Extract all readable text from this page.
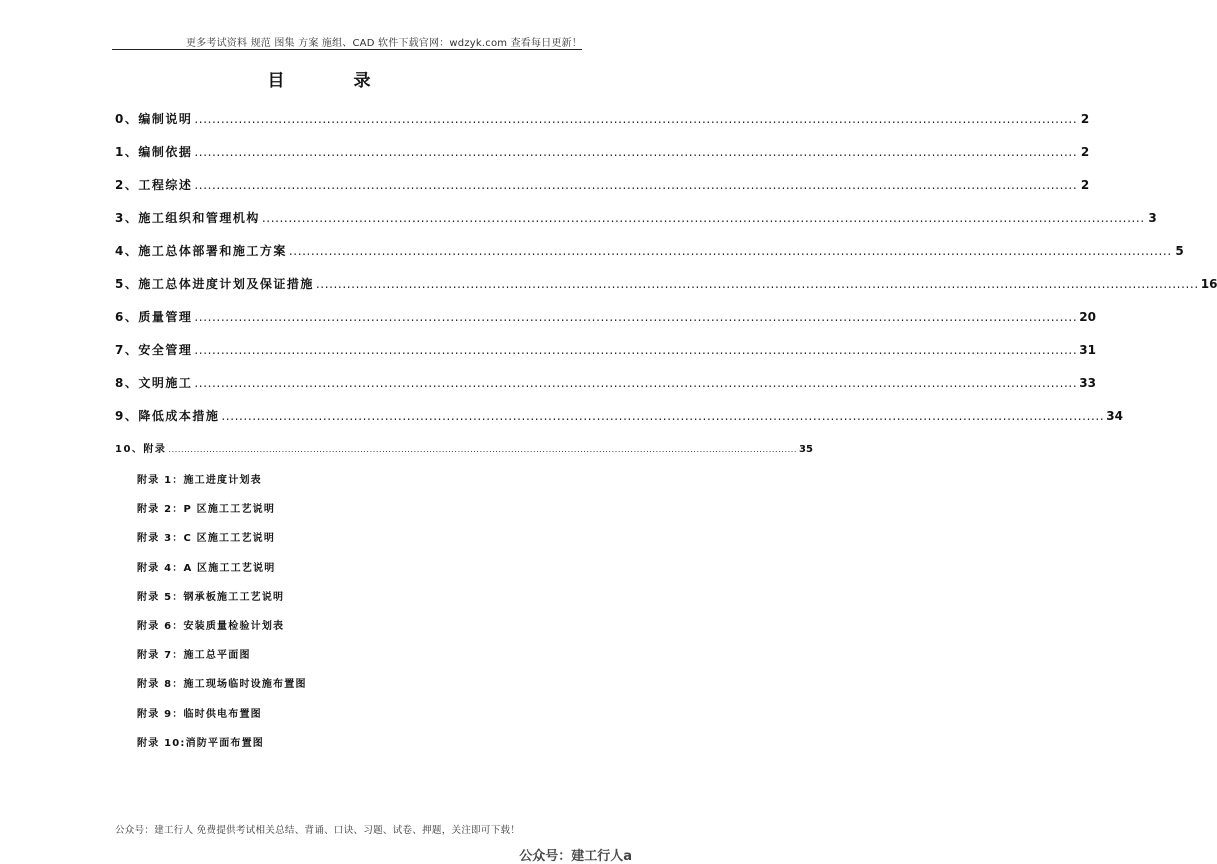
更多考试资料 规范 图集 方案 施组、CAD 软件下载官网：wdzyk.com 查看每日更新！
目　录
0、编制说明 ........................................................................................................................................................................................................ 2
1、编制依据 ........................................................................................................................................................................................................ 2
2、工程综述 ........................................................................................................................................................................................................ 2
3、施工组织和管理机构 ........................................................................................................................................................................................................ 3
4、施工总体部署和施工方案 ........................................................................................................................................................................................................ 5
5、施工总体进度计划及保证措施 ........................................................................................................................................................................................................ 16
6、质量管理 ........................................................................................................................................................................................................ 20
7、安全管理 ........................................................................................................................................................................................................ 31
8、文明施工 ........................................................................................................................................................................................................ 33
9、降低成本措施 ........................................................................................................................................................................................................ 34
10、附录 ........................................................................................................................................................................................................ 35
附录 1：施工进度计划表
附录 2：P 区施工工艺说明
附录 3：C 区施工工艺说明
附录 4：A 区施工工艺说明
附录 5：钢承板施工工艺说明
附录 6：安装质量检验计划表
附录 7：施工总平面图
附录 8：施工现场临时设施布置图
附录 9：临时供电布置图
附录 10:消防平面布置图
公众号：建工行人 免费提供考试相关总结、背诵、口诀、习题、试卷、押题，关注即可下载！
公众号：建工行人a
